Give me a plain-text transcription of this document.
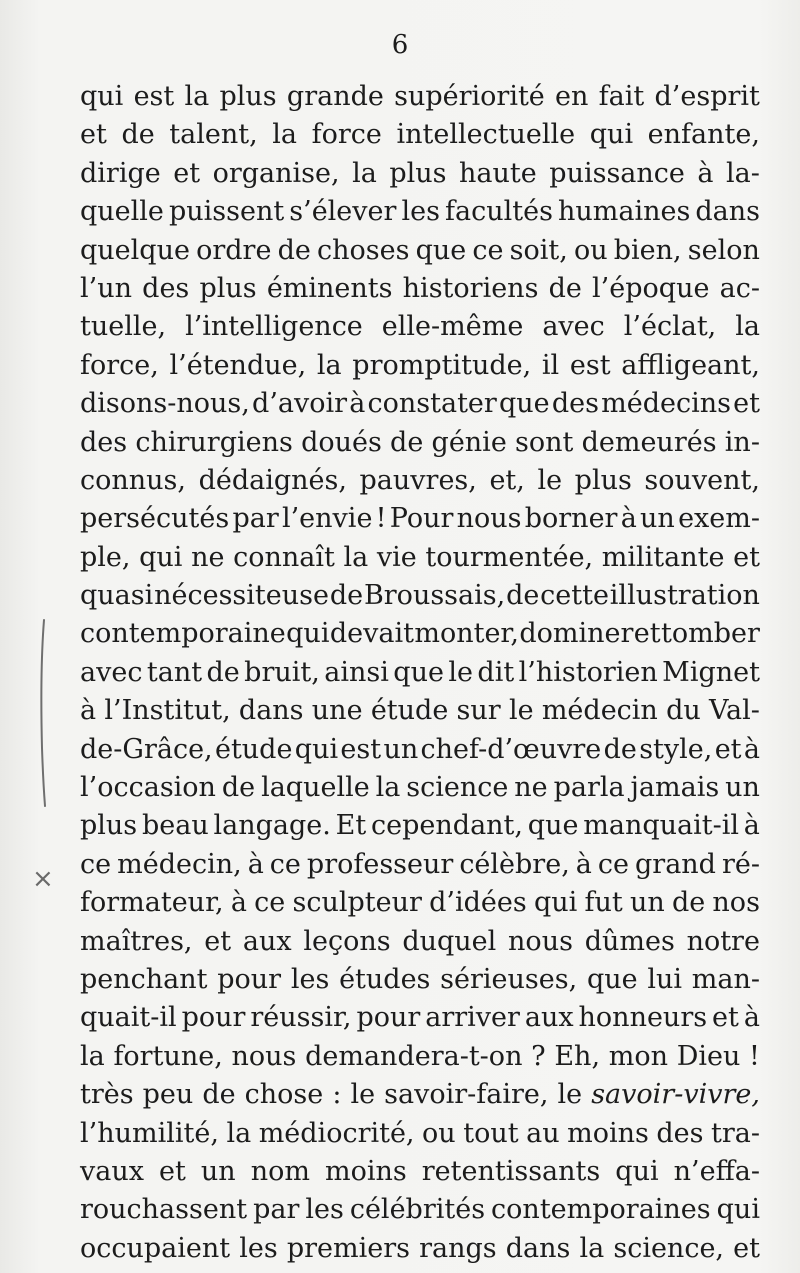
6
qui est la plus grande supériorité en fait d’esprit
et de talent, la force intellectuelle qui enfante,
dirige et organise, la plus haute puissance à la-
quelle puissent s’élever les facultés humaines dans
quelque ordre de choses que ce soit, ou bien, selon
l’un des plus éminents historiens de l’époque ac-
tuelle, l’intelligence elle-même avec l’éclat, la
force, l’étendue, la promptitude, il est affligeant,
disons-nous, d’avoir à constater que des médecins et
des chirurgiens doués de génie sont demeurés in-
connus, dédaignés, pauvres, et, le plus souvent,
persécutés par l’envie ! Pour nous borner à un exem-
ple, qui ne connaît la vie tourmentée, militante et
quasi nécessiteuse de Broussais, de cette illustration
contemporaine qui devait monter, dominer et tomber
avec tant de bruit, ainsi que le dit l’historien Mignet
à l’Institut, dans une étude sur le médecin du Val-
de-Grâce, étude qui est un chef-d’œuvre de style, et à
l’occasion de laquelle la science ne parla jamais un
plus beau langage. Et cependant, que manquait-il à
ce médecin, à ce professeur célèbre, à ce grand ré-
formateur, à ce sculpteur d’idées qui fut un de nos
maîtres, et aux leçons duquel nous dûmes notre
penchant pour les études sérieuses, que lui man-
quait-il pour réussir, pour arriver aux honneurs et à
la fortune, nous demandera-t-on ? Eh, mon Dieu !
très peu de chose : le savoir-faire, le savoir-vivre,
l’humilité, la médiocrité, ou tout au moins des tra-
vaux et un nom moins retentissants qui n’effa-
rouchassent par les célébrités contemporaines qui
occupaient les premiers rangs dans la science, et
×
